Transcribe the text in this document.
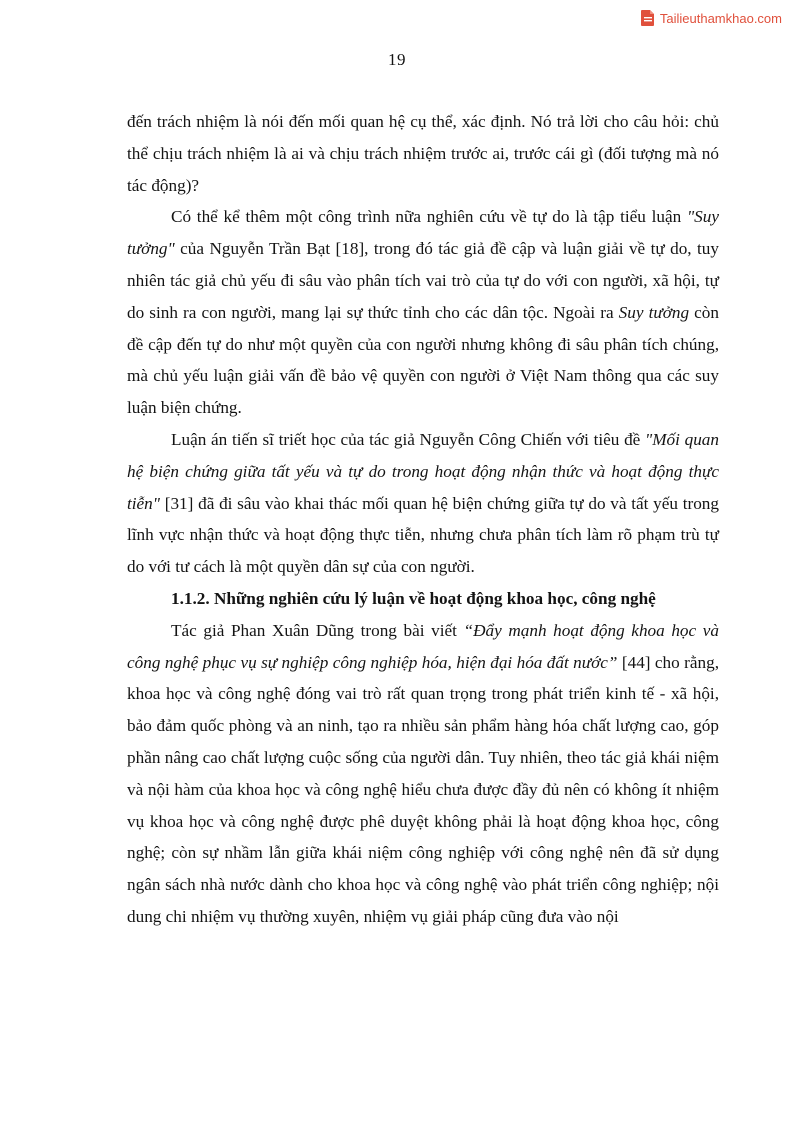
Tailieuthamkhao.com
19

đến trách nhiệm là nói đến mối quan hệ cụ thể, xác định. Nó trả lời cho câu hỏi: chủ thể chịu trách nhiệm là ai và chịu trách nhiệm trước ai, trước cái gì (đối tượng mà nó tác động)?

Có thể kể thêm một công trình nữa nghiên cứu về tự do là tập tiểu luận "Suy tưởng" của Nguyễn Trần Bạt [18], trong đó tác giả đề cập và luận giải về tự do, tuy nhiên tác giả chủ yếu đi sâu vào phân tích vai trò của tự do với con người, xã hội, tự do sinh ra con người, mang lại sự thức tỉnh cho các dân tộc. Ngoài ra Suy tưởng còn đề cập đến tự do như một quyền của con người nhưng không đi sâu phân tích chúng, mà chủ yếu luận giải vấn đề bảo vệ quyền con người ở Việt Nam thông qua các suy luận biện chứng.

Luận án tiến sĩ triết học của tác giả Nguyễn Công Chiến với tiêu đề "Mối quan hệ biện chứng giữa tất yếu và tự do trong hoạt động nhận thức và hoạt động thực tiễn" [31] đã đi sâu vào khai thác mối quan hệ biện chứng giữa tự do và tất yếu trong lĩnh vực nhận thức và hoạt động thực tiễn, nhưng chưa phân tích làm rõ phạm trù tự do với tư cách là một quyền dân sự của con người.

1.1.2. Những nghiên cứu lý luận về hoạt động khoa học, công nghệ

Tác giả Phan Xuân Dũng trong bài viết “Đẩy mạnh hoạt động khoa học và công nghệ phục vụ sự nghiệp công nghiệp hóa, hiện đại hóa đất nước” [44] cho rằng, khoa học và công nghệ đóng vai trò rất quan trọng trong phát triển kinh tế - xã hội, bảo đảm quốc phòng và an ninh, tạo ra nhiều sản phẩm hàng hóa chất lượng cao, góp phần nâng cao chất lượng cuộc sống của người dân. Tuy nhiên, theo tác giả khái niệm và nội hàm của khoa học và công nghệ hiểu chưa được đầy đủ nên có không ít nhiệm vụ khoa học và công nghệ được phê duyệt không phải là hoạt động khoa học, công nghệ; còn sự nhầm lẫn giữa khái niệm công nghiệp với công nghệ nên đã sử dụng ngân sách nhà nước dành cho khoa học và công nghệ vào phát triển công nghiệp; nội dung chi nhiệm vụ thường xuyên, nhiệm vụ giải pháp cũng đưa vào nội
